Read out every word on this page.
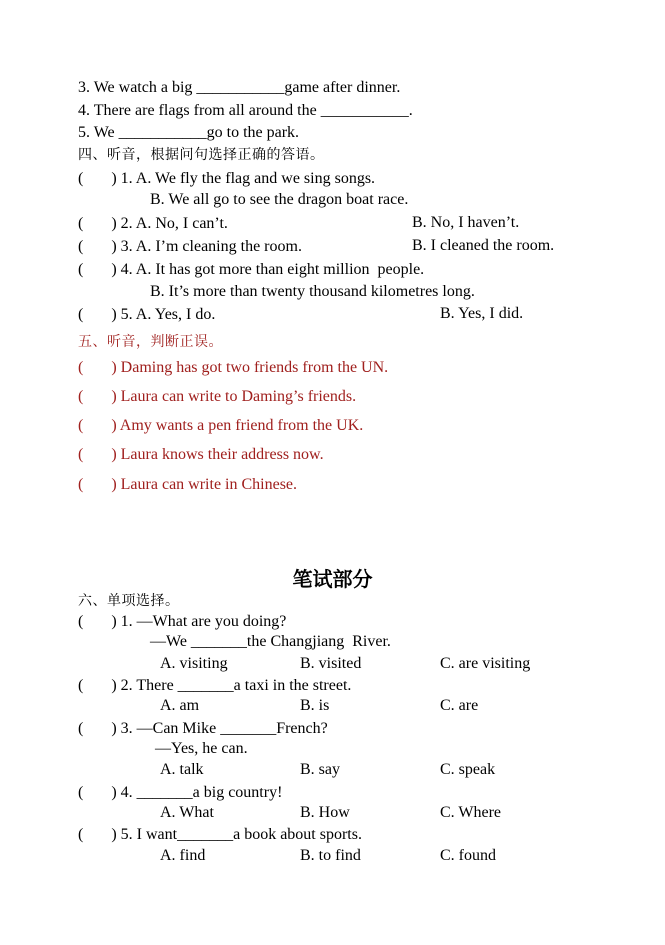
3. We watch a big ___________game after dinner.
4. There are flags from all around the ___________.
5. We ___________go to the park.
四、听音，根据问句选择正确的答语。
(       ) 1. A. We fly the flag and we sing songs.
B. We all go to see the dragon boat race.
(       ) 2. A. No, I can’t.	B. No, I haven’t.
(       ) 3. A. I’m cleaning the room.	B. I cleaned the room.
(       ) 4. A. It has got more than eight million  people.
B. It’s more than twenty thousand kilometres long.
(       ) 5. A. Yes, I do.	B. Yes, I did.
五、听音，判断正误。
(       ) Daming has got two friends from the UN.
(       ) Laura can write to Daming’s friends.
(       ) Amy wants a pen friend from the UK.
(       ) Laura knows their address now.
(       ) Laura can write in Chinese.
笔试部分
六、单项选择。
(       ) 1. —What are you doing?
—We _______the Changjiang  River.
A. visiting	B. visited	C. are visiting
(       ) 2. There _______a taxi in the street.
A. am	B. is	C. are
(       ) 3. —Can Mike _______French?
—Yes, he can.
A. talk	B. say	C. speak
(       ) 4. _______a big country!
A. What	B. How	C. Where
(       ) 5. I want_______a book about sports.
A. find	B. to find	C. found
